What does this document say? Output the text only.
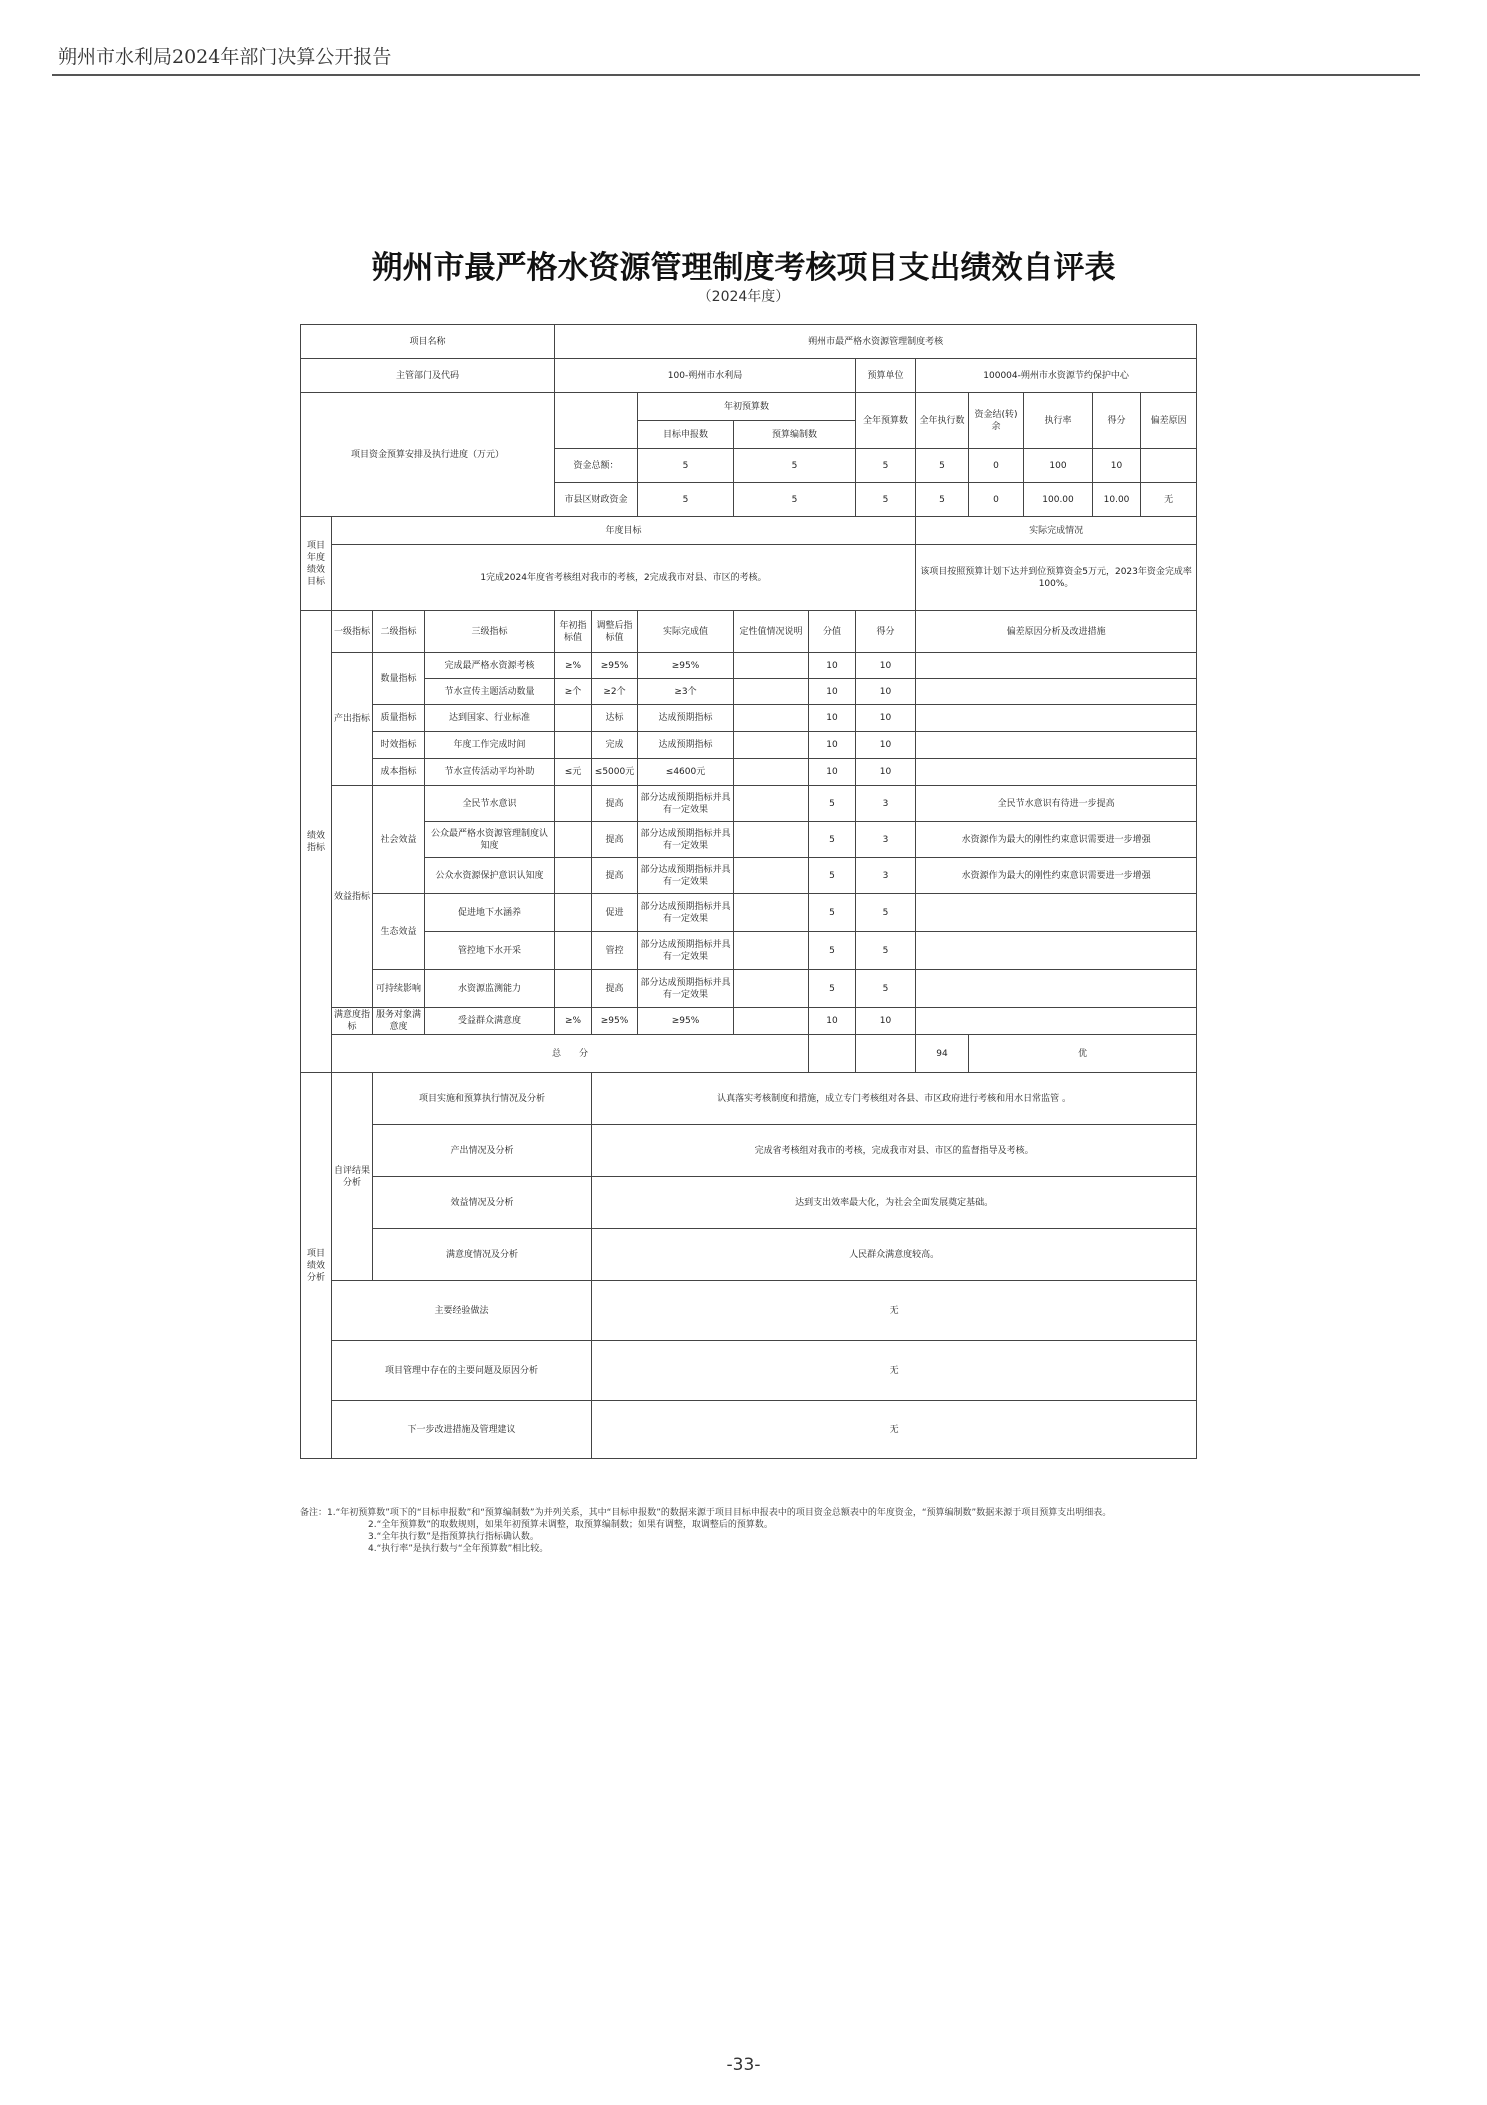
朔州市水利局2024年部门决算公开报告
朔州市最严格水资源管理制度考核项目支出绩效自评表
（2024年度）
项目名称				朔州市最严格水资源管理制度考核										
主管部门及代码				100-朔州市水利局					预算单位	100004-朔州市水资源节约保护中心				
项目资金预算安排及执行进度（万元）						年初预算数			全年预算数	全年执行数	资金结(转)余	执行率	得分	偏差原因
						目标申报数	预算编制数							
				资金总额：		5	5		5	5	0	100	10	
				市县区财政资金		5	5		5	5	0	100.00	10.00	无
项目年度绩效目标	年度目标									实际完成情况				
	1完成2024年度省考核组对我市的考核，2完成我市对县、市区的考核。									该项目按照预算计划下达并到位预算资金5万元，2023年资金完成率100%。				
绩效指标	一级指标	二级指标	三级指标	年初指标值	调整后指标值	实际完成值	定性值情况说明	分值	得分	偏差原因分析及改进措施				
	产出指标	数量指标	完成最严格水资源考核	≥%	≥95%	≥95%		10	10					
			节水宣传主题活动数量	≥个	≥2个	≥3个		10	10					
		质量指标	达到国家、行业标准		达标	达成预期指标		10	10					
		时效指标	年度工作完成时间		完成	达成预期指标		10	10					
		成本指标	节水宣传活动平均补助	≤元	≤5000元	≤4600元		10	10					
	效益指标	社会效益	全民节水意识		提高	部分达成预期指标并具有一定效果		5	3	全民节水意识有待进一步提高				
			公众最严格水资源管理制度认知度		提高	部分达成预期指标并具有一定效果		5	3	水资源作为最大的刚性约束意识需要进一步增强				
			公众水资源保护意识认知度		提高	部分达成预期指标并具有一定效果		5	3	水资源作为最大的刚性约束意识需要进一步增强				
		生态效益	促进地下水涵养		促进	部分达成预期指标并具有一定效果		5	5					
			管控地下水开采		管控	部分达成预期指标并具有一定效果		5	5					
		可持续影响	水资源监测能力		提高	部分达成预期指标并具有一定效果		5	5					
	满意度指标	服务对象满意度	受益群众满意度	≥%	≥95%	≥95%		10	10					
	总　　分									94	优			
项目绩效分析	自评结果分析	项目实施和预算执行情况及分析			认真落实考核制度和措施，成立专门考核组对各县、市区政府进行考核和用水日常监管 。									
		产出情况及分析			完成省考核组对我市的考核，完成我市对县、市区的监督指导及考核。									
		效益情况及分析			达到支出效率最大化，为社会全面发展奠定基础。									
		满意度情况及分析			人民群众满意度较高。									
	主要经验做法				无									
	项目管理中存在的主要问题及原因分析				无									
	下一步改进措施及管理建议				无									
备注：1.“年初预算数”项下的“目标申报数”和“预算编制数”为并列关系，其中“目标申报数”的数据来源于项目目标申报表中的项目资金总额表中的年度资金，“预算编制数”数据来源于项目预算支出明细表。
2.“全年预算数”的取数规则，如果年初预算未调整，取预算编制数；如果有调整，取调整后的预算数。
3.“全年执行数”是指预算执行指标确认数。
4.“执行率”是执行数与“全年预算数”相比较。
-33-
